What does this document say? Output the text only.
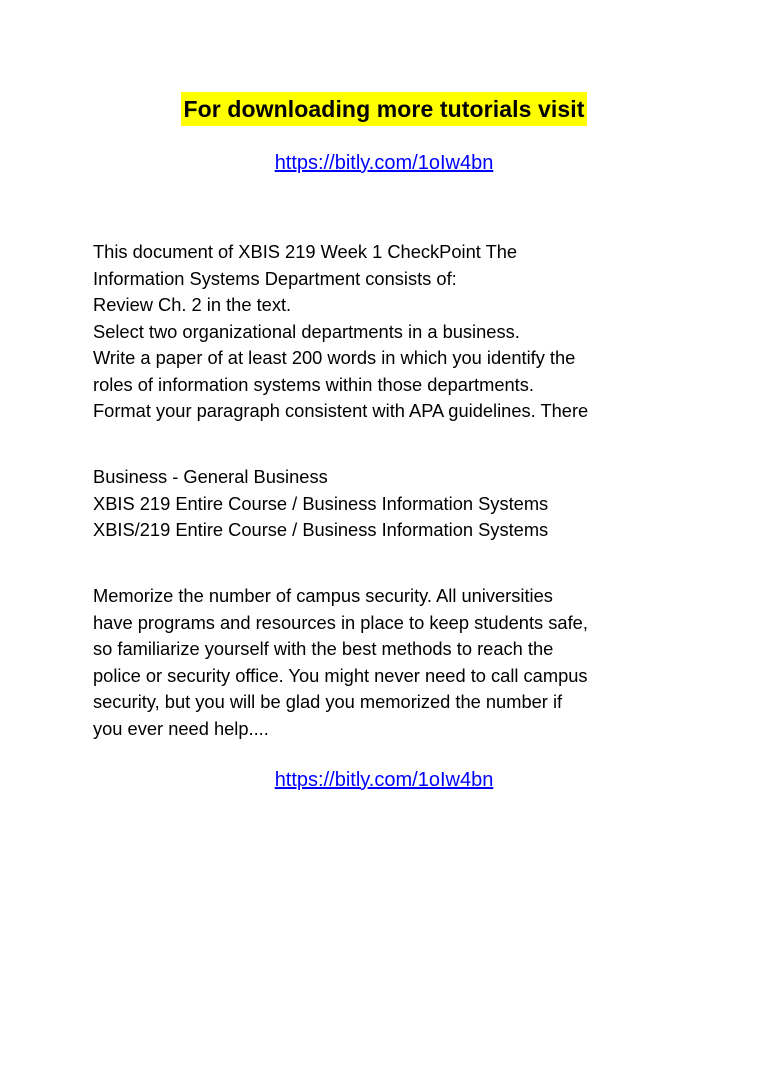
For downloading more tutorials visit
https://bitly.com/1oIw4bn
This document of XBIS 219 Week 1 CheckPoint The
Information Systems Department consists of:
Review Ch. 2 in the text.
Select two organizational departments in a business.
Write a paper of at least 200 words in which you identify the
roles of information systems within those departments.
Format your paragraph consistent with APA guidelines. There
Business - General Business
XBIS 219 Entire Course / Business Information Systems
XBIS/219 Entire Course / Business Information Systems
Memorize the number of campus security. All universities
have programs and resources in place to keep students safe,
so familiarize yourself with the best methods to reach the
police or security office. You might never need to call campus
security, but you will be glad you memorized the number if
you ever need help....
https://bitly.com/1oIw4bn
